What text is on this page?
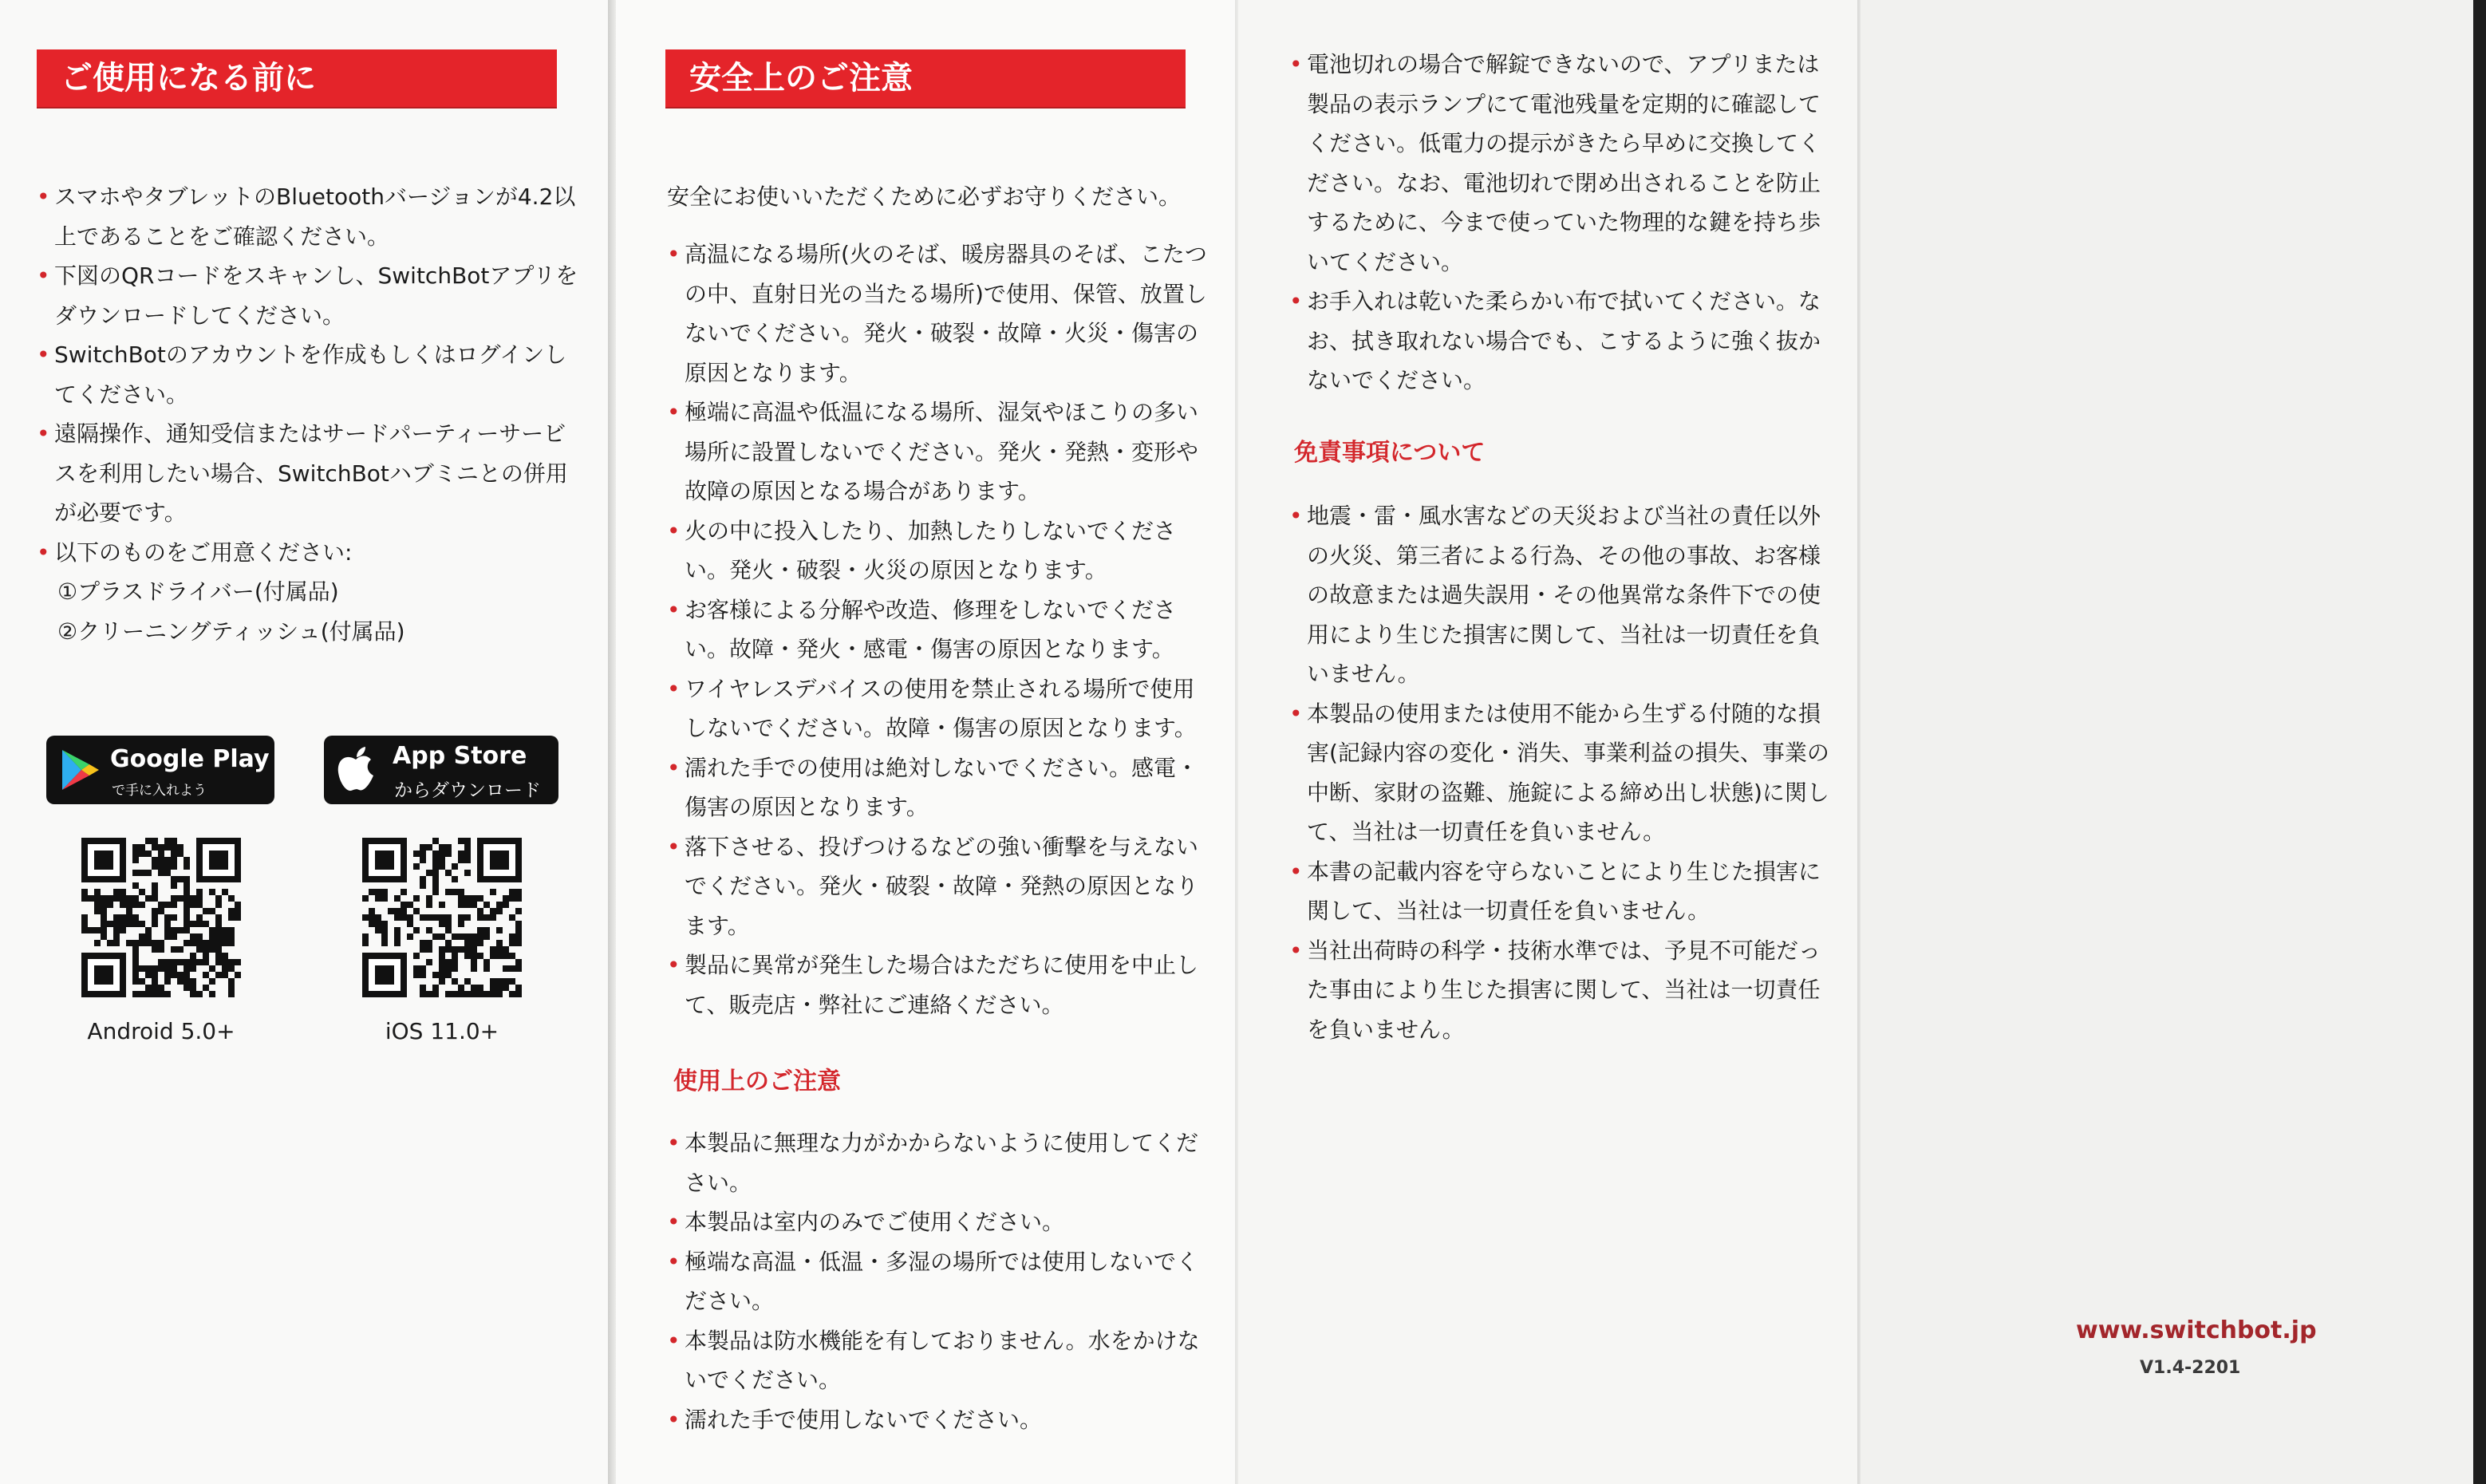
ご使用になる前に
• スマホやタブレットのBluetoothバージョンが4.2以上であることをご確認ください。
• 下図のQRコードをスキャンし、SwitchBotアプリをダウンロードしてください。
• SwitchBotのアカウントを作成もしくはログインしてください。
• 遠隔操作、通知受信またはサードパーティーサービスを利用したい場合、SwitchBotハブミニとの併用が必要です。
• 以下のものをご用意ください:
①プラスドライバー(付属品)
②クリーニングティッシュ(付属品)
Google Play
で手に入れよう
App Store
からダウンロード
Android 5.0+	iOS 11.0+
安全上のご注意
安全にお使いいただくために必ずお守りください。
• 高温になる場所(火のそば、暖房器具のそば、こたつの中、直射日光の当たる場所)で使用、保管、放置しないでください。発火・破裂・故障・火災・傷害の原因となります。
• 極端に高温や低温になる場所、湿気やほこりの多い場所に設置しないでください。発火・発熱・変形や故障の原因となる場合があります。
• 火の中に投入したり、加熱したりしないでください。発火・破裂・火災の原因となります。
• お客様による分解や改造、修理をしないでください。故障・発火・感電・傷害の原因となります。
• ワイヤレスデバイスの使用を禁止される場所で使用しないでください。故障・傷害の原因となります。
• 濡れた手での使用は絶対しないでください。感電・傷害の原因となります。
• 落下させる、投げつけるなどの強い衝撃を与えないでください。発火・破裂・故障・発熱の原因となります。
• 製品に異常が発生した場合はただちに使用を中止して、販売店・弊社にご連絡ください。
使用上のご注意
• 本製品に無理な力がかからないように使用してください。
• 本製品は室内のみでご使用ください。
• 極端な高温・低温・多湿の場所では使用しないでください。
• 本製品は防水機能を有しておりません。水をかけないでください。
• 濡れた手で使用しないでください。
• 電池切れの場合で解錠できないので、アプリまたは製品の表示ランプにて電池残量を定期的に確認してください。低電力の提示がきたら早めに交換してください。なお、電池切れで閉め出されることを防止するために、今まで使っていた物理的な鍵を持ち歩いてください。
• お手入れは乾いた柔らかい布で拭いてください。なお、拭き取れない場合でも、こするように強く抜かないでください。
免責事項について
• 地震・雷・風水害などの天災および当社の責任以外の火災、第三者による行為、その他の事故、お客様の故意または過失誤用・その他異常な条件下での使用により生じた損害に関して、当社は一切責任を負いません。
• 本製品の使用または使用不能から生ずる付随的な損害(記録内容の変化・消失、事業利益の損失、事業の中断、家財の盗難、施錠による締め出し状態)に関して、当社は一切責任を負いません。
• 本書の記載内容を守らないことにより生じた損害に関して、当社は一切責任を負いません。
• 当社出荷時の科学・技術水準では、予見不可能だった事由により生じた損害に関して、当社は一切責任を負いません。
www.switchbot.jp
V1.4-2201
